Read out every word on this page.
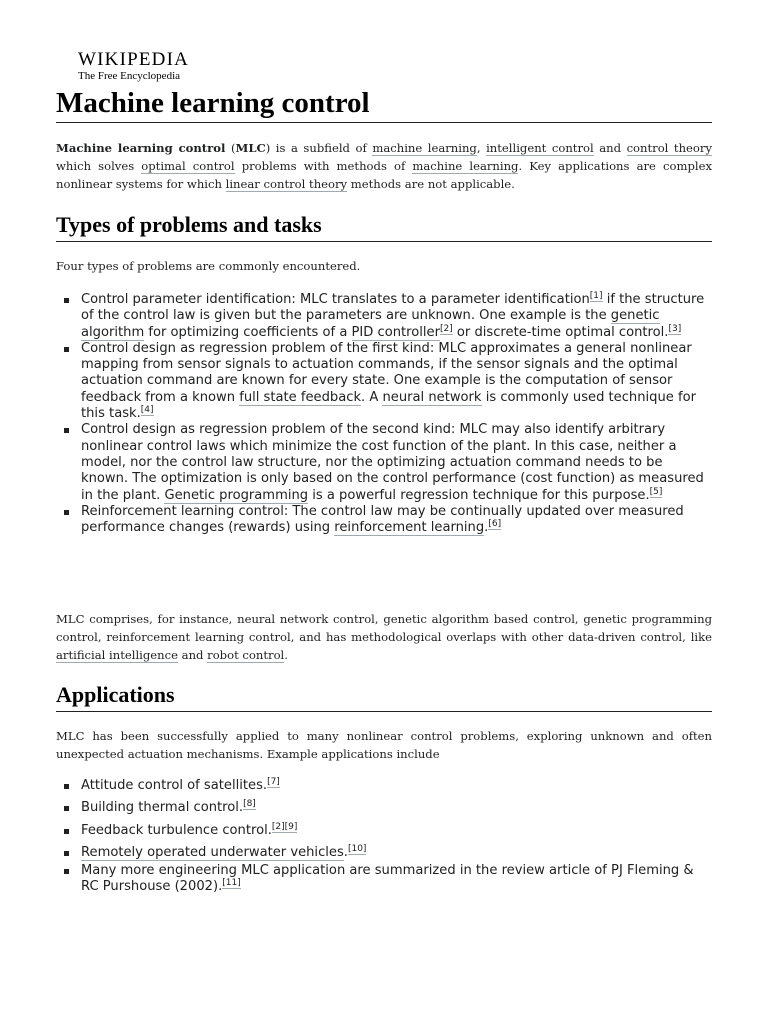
WIKIPEDIA
The Free Encyclopedia
Machine learning control

Machine learning control (MLC) is a subfield of machine learning, intelligent control and control theory which solves optimal control problems with methods of machine learning. Key applications are complex nonlinear systems for which linear control theory methods are not applicable.

Types of problems and tasks

Four types of problems are commonly encountered.

Control parameter identification: MLC translates to a parameter identification[1] if the structure of the control law is given but the parameters are unknown. One example is the genetic algorithm for optimizing coefficients of a PID controller[2] or discrete-time optimal control.[3]
Control design as regression problem of the first kind: MLC approximates a general nonlinear mapping from sensor signals to actuation commands, if the sensor signals and the optimal actuation command are known for every state. One example is the computation of sensor feedback from a known full state feedback. A neural network is commonly used technique for this task.[4]
Control design as regression problem of the second kind: MLC may also identify arbitrary nonlinear control laws which minimize the cost function of the plant. In this case, neither a model, nor the control law structure, nor the optimizing actuation command needs to be known. The optimization is only based on the control performance (cost function) as measured in the plant. Genetic programming is a powerful regression technique for this purpose.[5]
Reinforcement learning control: The control law may be continually updated over measured performance changes (rewards) using reinforcement learning.[6]

MLC comprises, for instance, neural network control, genetic algorithm based control, genetic programming control, reinforcement learning control, and has methodological overlaps with other data-driven control, like artificial intelligence and robot control.

Applications

MLC has been successfully applied to many nonlinear control problems, exploring unknown and often unexpected actuation mechanisms. Example applications include

Attitude control of satellites.[7]
Building thermal control.[8]
Feedback turbulence control.[2][9]
Remotely operated underwater vehicles.[10]
Many more engineering MLC application are summarized in the review article of PJ Fleming & RC Purshouse (2002).[11]
